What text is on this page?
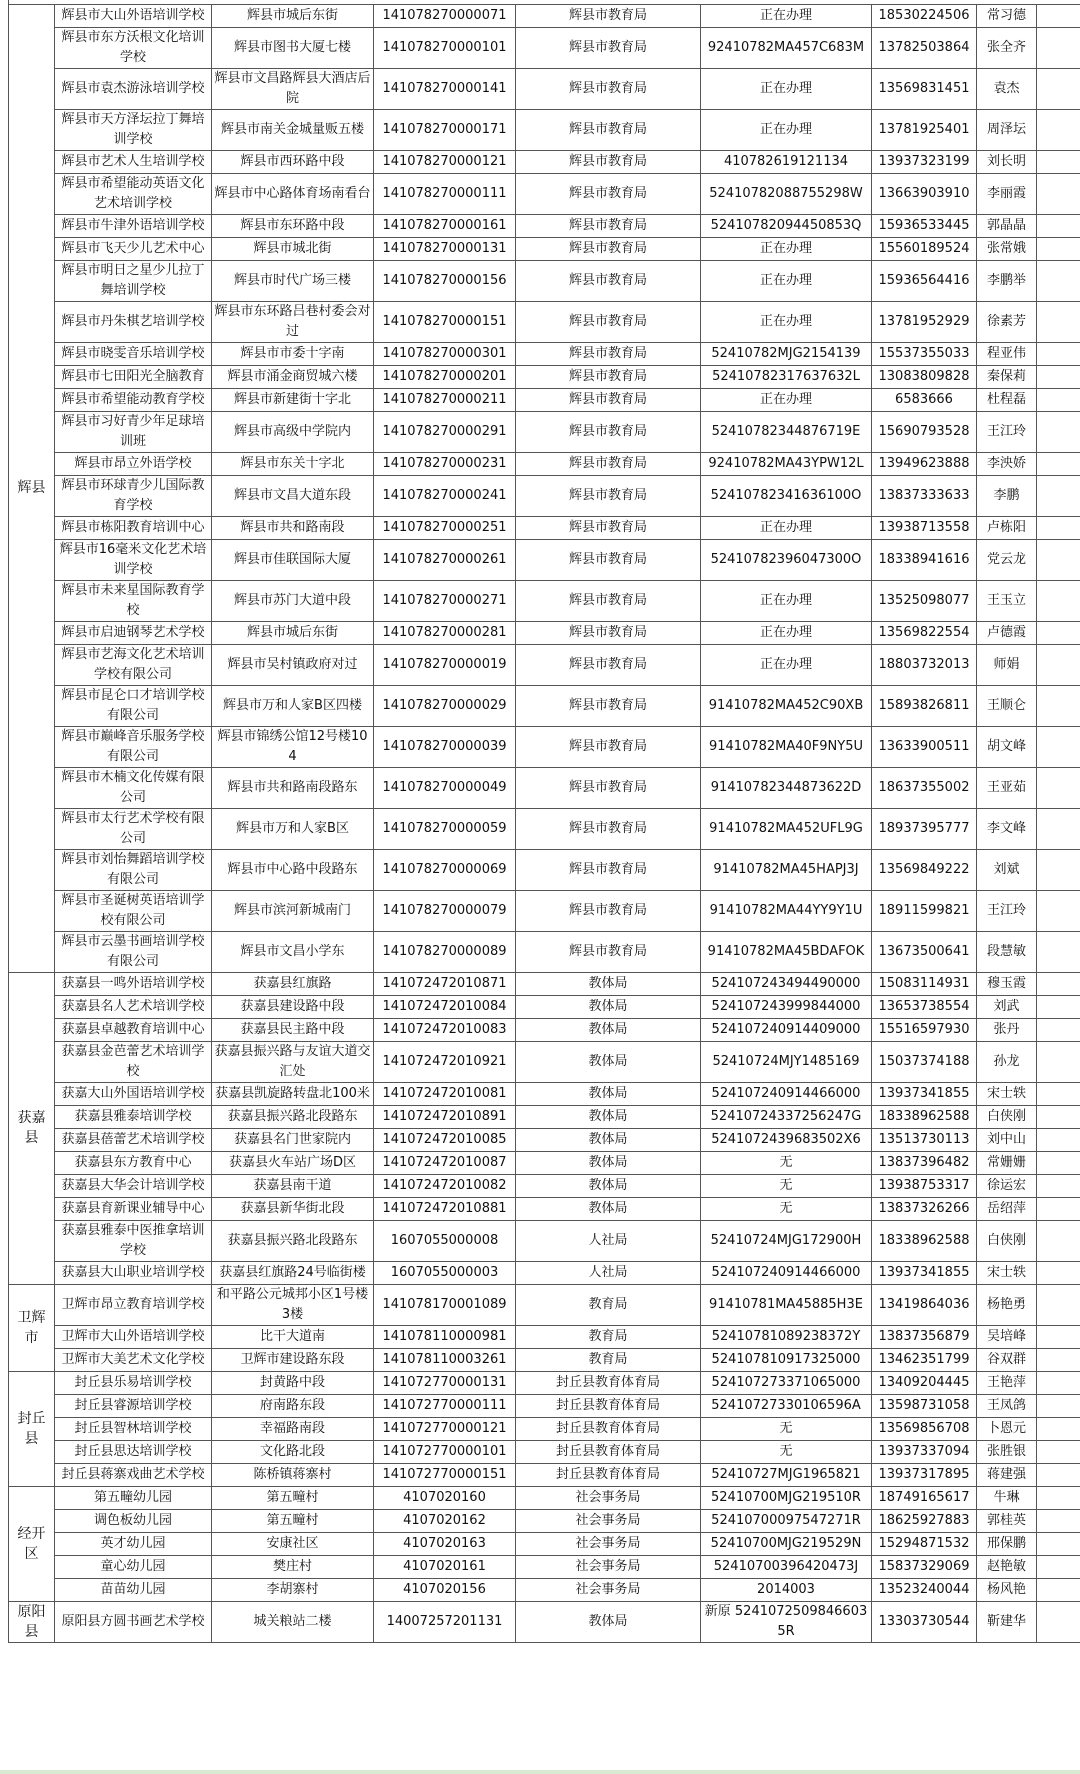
辉县	辉县市大山外语培训学校	辉县市城后东街	141078270000071	辉县市教育局	正在办理	18530224506	常习德	
	辉县市东方沃根文化培训学校	辉县市图书大厦七楼	141078270000101	辉县市教育局	92410782MA457C683M	13782503864	张全齐	
	辉县市袁杰游泳培训学校	辉县市文昌路辉县大酒店后院	141078270000141	辉县市教育局	正在办理	13569831451	袁杰	
	辉县市天方泽坛拉丁舞培训学校	辉县市南关金城量贩五楼	141078270000171	辉县市教育局	正在办理	13781925401	周泽坛	
	辉县市艺术人生培训学校	辉县市西环路中段	141078270000121	辉县市教育局	410782619121134	13937323199	刘长明	
	辉县市希望能动英语文化艺术培训学校	辉县市中心路体育场南看台	141078270000111	辉县市教育局	52410782088755298W	13663903910	李丽霞	
	辉县市牛津外语培训学校	辉县市东环路中段	141078270000161	辉县市教育局	52410782094450853Q	15936533445	郭晶晶	
	辉县市飞天少儿艺术中心	辉县市城北街	141078270000131	辉县市教育局	正在办理	15560189524	张常娥	
	辉县市明日之星少儿拉丁舞培训学校	辉县市时代广场三楼	141078270000156	辉县市教育局	正在办理	15936564416	李鹏举	
	辉县市丹朱棋艺培训学校	辉县市东环路吕巷村委会对过	141078270000151	辉县市教育局	正在办理	13781952929	徐素芳	
	辉县市晓雯音乐培训学校	辉县市市委十字南	141078270000301	辉县市教育局	52410782MJG2154139	15537355033	程亚伟	
	辉县市七田阳光全脑教育	辉县市涌金商贸城六楼	141078270000201	辉县市教育局	52410782317637632L	13083809828	秦保莉	
	辉县市希望能动教育学校	辉县市新建街十字北	141078270000211	辉县市教育局	正在办理	6583666	杜程磊	
	辉县市习好青少年足球培训班	辉县市高级中学院内	141078270000291	辉县市教育局	52410782344876719E	15690793528	王江玲	
	辉县市昂立外语学校	辉县市东关十字北	141078270000231	辉县市教育局	92410782MA43YPW12L	13949623888	李泱娇	
	辉县市环球青少儿国际教育学校	辉县市文昌大道东段	141078270000241	辉县市教育局	52410782341636100O	13837333633	李鹏	
	辉县市栋阳教育培训中心	辉县市共和路南段	141078270000251	辉县市教育局	正在办理	13938713558	卢栋阳	
	辉县市16毫米文化艺术培训学校	辉县市佳联国际大厦	141078270000261	辉县市教育局	52410782396047300O	18338941616	党云龙	
	辉县市未来星国际教育学校	辉县市苏门大道中段	141078270000271	辉县市教育局	正在办理	13525098077	王玉立	
	辉县市启迪钢琴艺术学校	辉县市城后东街	141078270000281	辉县市教育局	正在办理	13569822554	卢德霞	
	辉县市艺海文化艺术培训学校有限公司	辉县市吴村镇政府对过	141078270000019	辉县市教育局	正在办理	18803732013	师娟	
	辉县市昆仑口才培训学校有限公司	辉县市万和人家B区四楼	141078270000029	辉县市教育局	91410782MA452C90XB	15893826811	王顺仑	
	辉县市巅峰音乐服务学校有限公司	辉县市锦绣公馆12号楼104	141078270000039	辉县市教育局	91410782MA40F9NY5U	13633900511	胡文峰	
	辉县市木楠文化传媒有限公司	辉县市共和路南段路东	141078270000049	辉县市教育局	91410782344873622D	18637355002	王亚茹	
	辉县市太行艺术学校有限公司	辉县市万和人家B区	141078270000059	辉县市教育局	91410782MA452UFL9G	18937395777	李文峰	
	辉县市刘怡舞蹈培训学校有限公司	辉县市中心路中段路东	141078270000069	辉县市教育局	91410782MA45HAPJ3J	13569849222	刘斌	
	辉县市圣诞树英语培训学校有限公司	辉县市滨河新城南门	141078270000079	辉县市教育局	91410782MA44YY9Y1U	18911599821	王江玲	
	辉县市云墨书画培训学校有限公司	辉县市文昌小学东	141078270000089	辉县市教育局	91410782MA45BDAFOK	13673500641	段慧敏	
获嘉县	获嘉县一鸣外语培训学校	获嘉县红旗路	141072472010871	教体局	524107243494490000	15083114931	穆玉霞	
	获嘉县名人艺术培训学校	获嘉县建设路中段	141072472010084	教体局	524107243999844000	13653738554	刘武	
	获嘉县卓越教育培训中心	获嘉县民主路中段	141072472010083	教体局	524107240914409000	15516597930	张丹	
	获嘉县金芭蕾艺术培训学校	获嘉县振兴路与友谊大道交汇处	141072472010921	教体局	52410724MJY1485169	15037374188	孙龙	
	获嘉大山外国语培训学校	获嘉县凯旋路转盘北100米	141072472010081	教体局	524107240914466000	13937341855	宋士轶	
	获嘉县雅泰培训学校	获嘉县振兴路北段路东	141072472010891	教体局	52410724337256247G	18338962588	白侠刚	
	获嘉县蓓蕾艺术培训学校	获嘉县名门世家院内	141072472010085	教体局	524107243968350​2X6	13513730113	刘中山	
	获嘉县东方教育中心	获嘉县火车站广场D区	141072472010087	教体局	无	13837396482	常姗姗	
	获嘉县大华会计培训学校	获嘉县南干道	141072472010082	教体局	无	13938753317	徐运宏	
	获嘉县育新课业辅导中心	获嘉县新华街北段	141072472010881	教体局	无	13837326266	岳绍萍	
	获嘉县雅泰中医推拿培训学校	获嘉县振兴路北段路东	1607055000008	人社局	52410724MJG172900H	18338962588	白侠刚	
	获嘉县大山职业培训学校	获嘉县红旗路24号临街楼	1607055000003	人社局	524107240914466000	13937341855	宋士轶	
卫辉市	卫辉市昂立教育培训学校	和平路公元城邦小区1号楼3楼	141078170001089	教育局	91410781MA45885H3E	13419864036	杨艳勇	
	卫辉市大山外语培训学校	比干大道南	141078110000981	教育局	52410781089238372Y	13837356879	吴培峰	
	卫辉市大美艺术文化学校	卫辉市建设路东段	141078110003261	教育局	524107810917325000	13462351799	谷双群	
封丘县	封丘县乐易培训学校	封黄路中段	141072770000131	封丘县教育体育局	524107273371065000	13409204445	王艳萍	
	封丘县睿源培训学校	府南路东段	141072770000111	封丘县教育体育局	52410727330106596A	13598731058	王凤鸽	
	封丘县智林培训学校	幸福路南段	141072770000121	封丘县教育体育局	无	13569856708	卜恩元	
	封丘县思达培训学校	文化路北段	141072770000101	封丘县教育体育局	无	13937337094	张胜银	
	封丘县蒋寨戏曲艺术学校	陈桥镇蒋寨村	141072770000151	封丘县教育体育局	52410727MJG1965821	13937317895	蒋建强	
经开区	第五疃幼儿园	第五疃村	4107020160	社会事务局	52410700MJG219510R	18749165617	牛琳	
	调色板幼儿园	第五疃村	4107020162	社会事务局	52410700097547271R	18625927883	郭桂英	
	英才幼儿园	安康社区	4107020163	社会事务局	52410700MJG219529N	15294871532	邢保鹏	
	童心幼儿园	樊庄村	4107020161	社会事务局	52410700396420473J	15837329069	赵艳敏	
	苗苗幼儿园	李胡寨村	4107020156	社会事务局	2014003	13523240044	杨风艳	
原阳县	原阳县方圆书画艺术学校	城关粮站二楼	14007257201131	教体局	新原 52410725098466035R	13303730544	靳建华	
